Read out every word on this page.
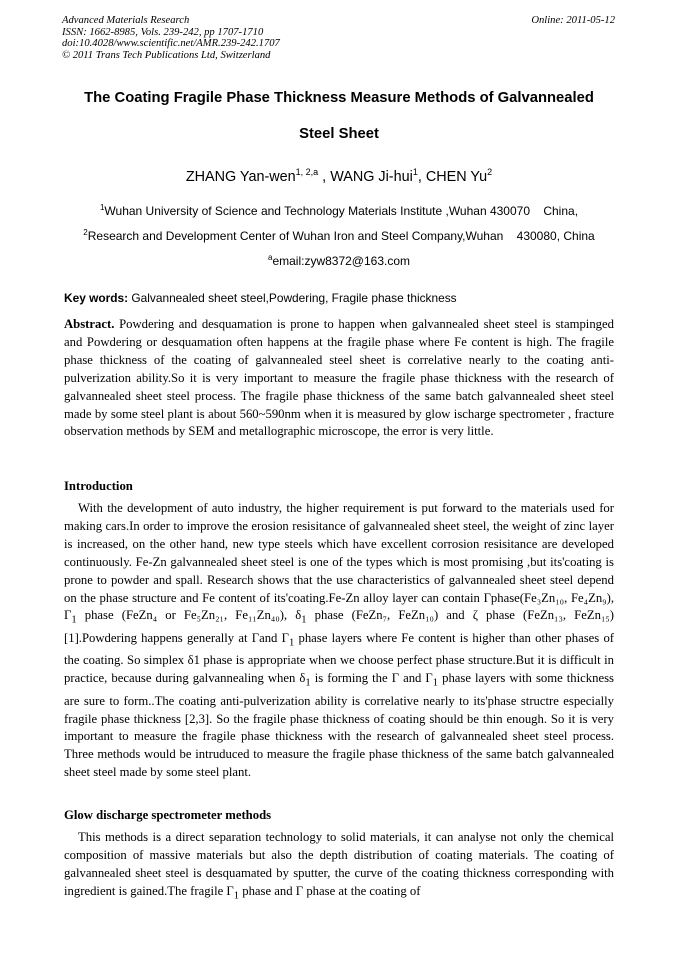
Advanced Materials Research
ISSN: 1662-8985, Vols. 239-242, pp 1707-1710
doi:10.4028/www.scientific.net/AMR.239-242.1707
© 2011 Trans Tech Publications Ltd, Switzerland
Online: 2011-05-12
The Coating Fragile Phase Thickness Measure Methods of Galvannealed
Steel Sheet
ZHANG Yan-wen$^{1, 2,a}$ , WANG Ji-hui$^1$, CHEN Yu$^2$
$^1$Wuhan University of Science and Technology Materials Institute ,Wuhan 430070    China,
$^2$Research and Development Center of Wuhan Iron and Steel Company,Wuhan    430080, China
$^a$email:zyw8372@163.com
Key words: Galvannealed sheet steel,Powdering, Fragile phase thickness
Abstract. Powdering and desquamation is prone to happen when galvannealed sheet steel is stampinged and Powdering or desquamation often happens at the fragile phase where Fe content is high. The fragile phase thickness of the coating of galvannealed steel sheet is correlative nearly to the coating anti-pulverization ability.So it is very important to measure the fragile phase thickness with the research of galvannealed sheet steel process. The fragile phase thickness of the same batch galvannealed sheet steel made by some steel plant is about 560~590nm when it is measured by glow ischarge spectrometer , fracture observation methods by SEM and metallographic microscope, the error is very little.
Introduction
With the development of auto industry, the higher requirement is put forward to the materials used for making cars.In order to improve the erosion resisitance of galvannealed sheet steel, the weight of zinc layer is increased, on the other hand, new type steels which have excellent corrosion resisitance are developed continuously. Fe-Zn galvannealed sheet steel is one of the types which is most promising ,but its'coating is prone to powder and spall. Research shows that the use characteristics of galvannealed sheet steel depend on the phase structure and Fe content of its'coating.Fe-Zn alloy layer can contain Γphase(Fe₃Zn₁₀, Fe₄Zn₉), $\Gamma_1$ phase (FeZn₄ or Fe₅Zn₂₁, Fe₁₁Zn₄₀), $\delta_1$ phase (FeZn₇, FeZn₁₀) and ζ phase (FeZn₁₃, FeZn₁₅) [1].Powdering happens generally at Γand $\Gamma_1$ phase layers where Fe content is higher than other phases of the coating. So simplex δ1 phase is appropriate when we choose perfect phase structure.But it is difficult in practice, because during galvannealing when $\delta_1$ is forming the Γ and $\Gamma_1$ phase layers with some thickness are sure to form..The coating anti-pulverization ability is correlative nearly to its'phase structre especially fragile phase thickness [2,3]. So the fragile phase thickness of coating should be thin enough. So it is very important to measure the fragile phase thickness with the research of galvannealed sheet steel process. Three methods would be intruduced to measure the fragile phase thickness of the same batch galvannealed sheet steel made by some steel plant.
Glow discharge spectrometer methods
This methods is a direct separation technology to solid materials, it can analyse not only the chemical composition of massive materials but also the depth distribution of coating materials. The coating of galvannealed sheet steel is desquamated by sputter, the curve of the coating thickness corresponding with ingredient is gained.The fragile $\Gamma_1$ phase and Γ phase at the coating of
